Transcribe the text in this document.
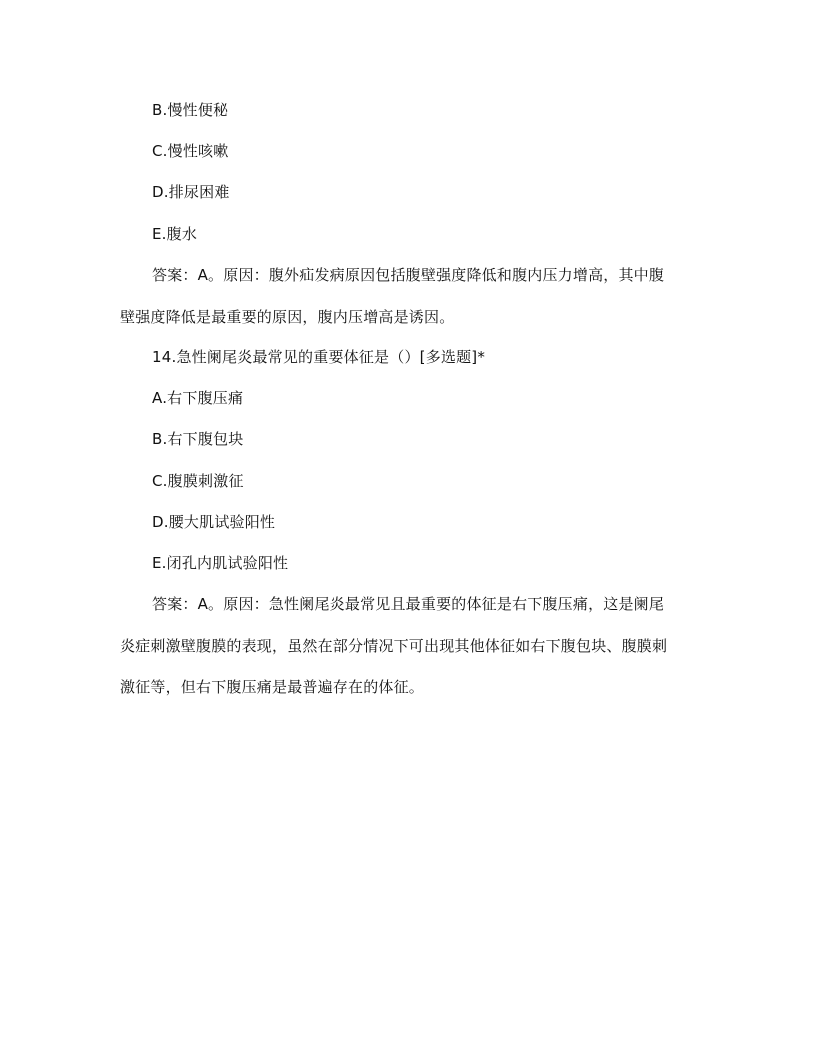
B.慢性便秘
C.慢性咳嗽
D.排尿困难
E.腹水
答案：A。原因：腹外疝发病原因包括腹壁强度降低和腹内压力增高，其中腹
壁强度降低是最重要的原因，腹内压增高是诱因。
14.急性阑尾炎最常见的重要体征是（）[多选题]*
A.右下腹压痛
B.右下腹包块
C.腹膜刺激征
D.腰大肌试验阳性
E.闭孔内肌试验阳性
答案：A。原因：急性阑尾炎最常见且最重要的体征是右下腹压痛，这是阑尾
炎症刺激壁腹膜的表现，虽然在部分情况下可出现其他体征如右下腹包块、腹膜刺
激征等，但右下腹压痛是最普遍存在的体征。
